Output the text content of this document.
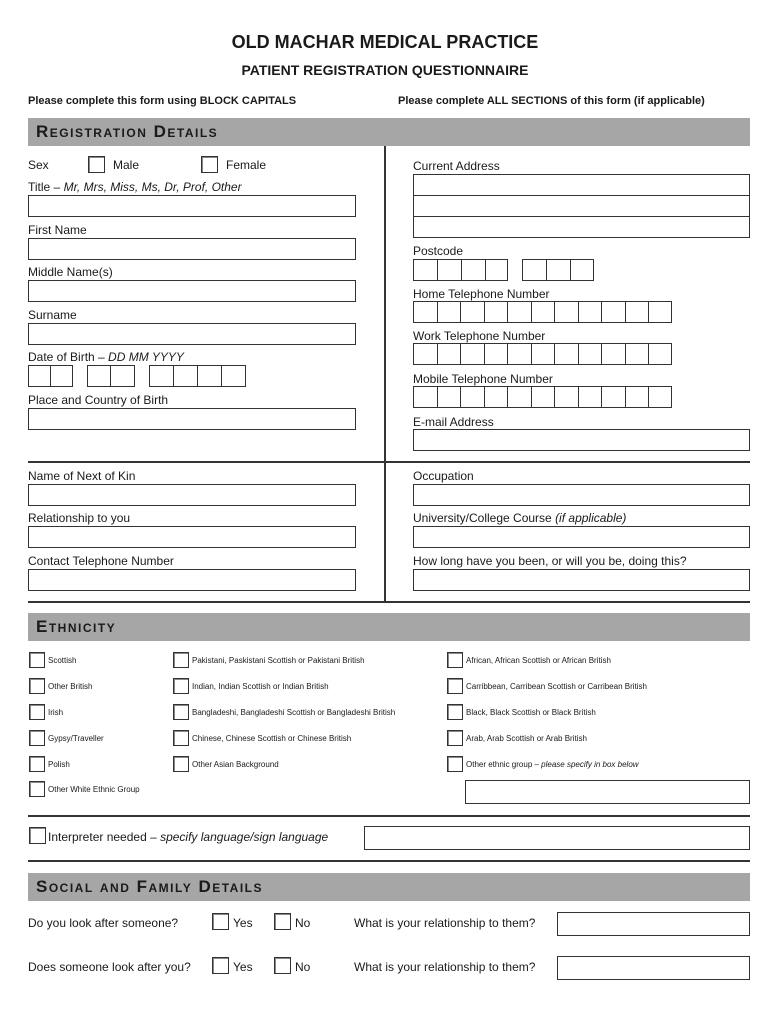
OLD MACHAR MEDICAL PRACTICE
PATIENT REGISTRATION QUESTIONNAIRE
Please complete this form using BLOCK CAPITALS	Please complete ALL SECTIONS of this form (if applicable)
Registration Details
Sex	Male	Female
Title – Mr, Mrs, Miss, Ms, Dr, Prof, Other
First Name
Middle Name(s)
Surname
Date of Birth – DD MM YYYY
Place and Country of Birth
Current Address
Postcode
Home Telephone Number
Work Telephone Number
Mobile Telephone Number
E-mail Address
Name of Next of Kin
Relationship to you
Contact Telephone Number
Occupation
University/College Course (if applicable)
How long have you been, or will you be, doing this?
Ethnicity
Scottish
Other British
Irish
Gypsy/Traveller
Polish
Other White Ethnic Group
Pakistani, Paskistani Scottish or Pakistani British
Indian, Indian Scottish or Indian British
Bangladeshi, Bangladeshi Scottish or Bangladeshi British
Chinese, Chinese Scottish or Chinese British
Other Asian Background
African, African Scottish or African British
Carribbean, Carribean Scottish or Carribean British
Black, Black Scottish or Black British
Arab, Arab Scottish or Arab British
Other ethnic group – please specify in box below
Interpreter needed – specify language/sign language
Social and Family Details
Do you look after someone?	Yes	No	What is your relationship to them?
Does someone look after you?	Yes	No	What is your relationship to them?
